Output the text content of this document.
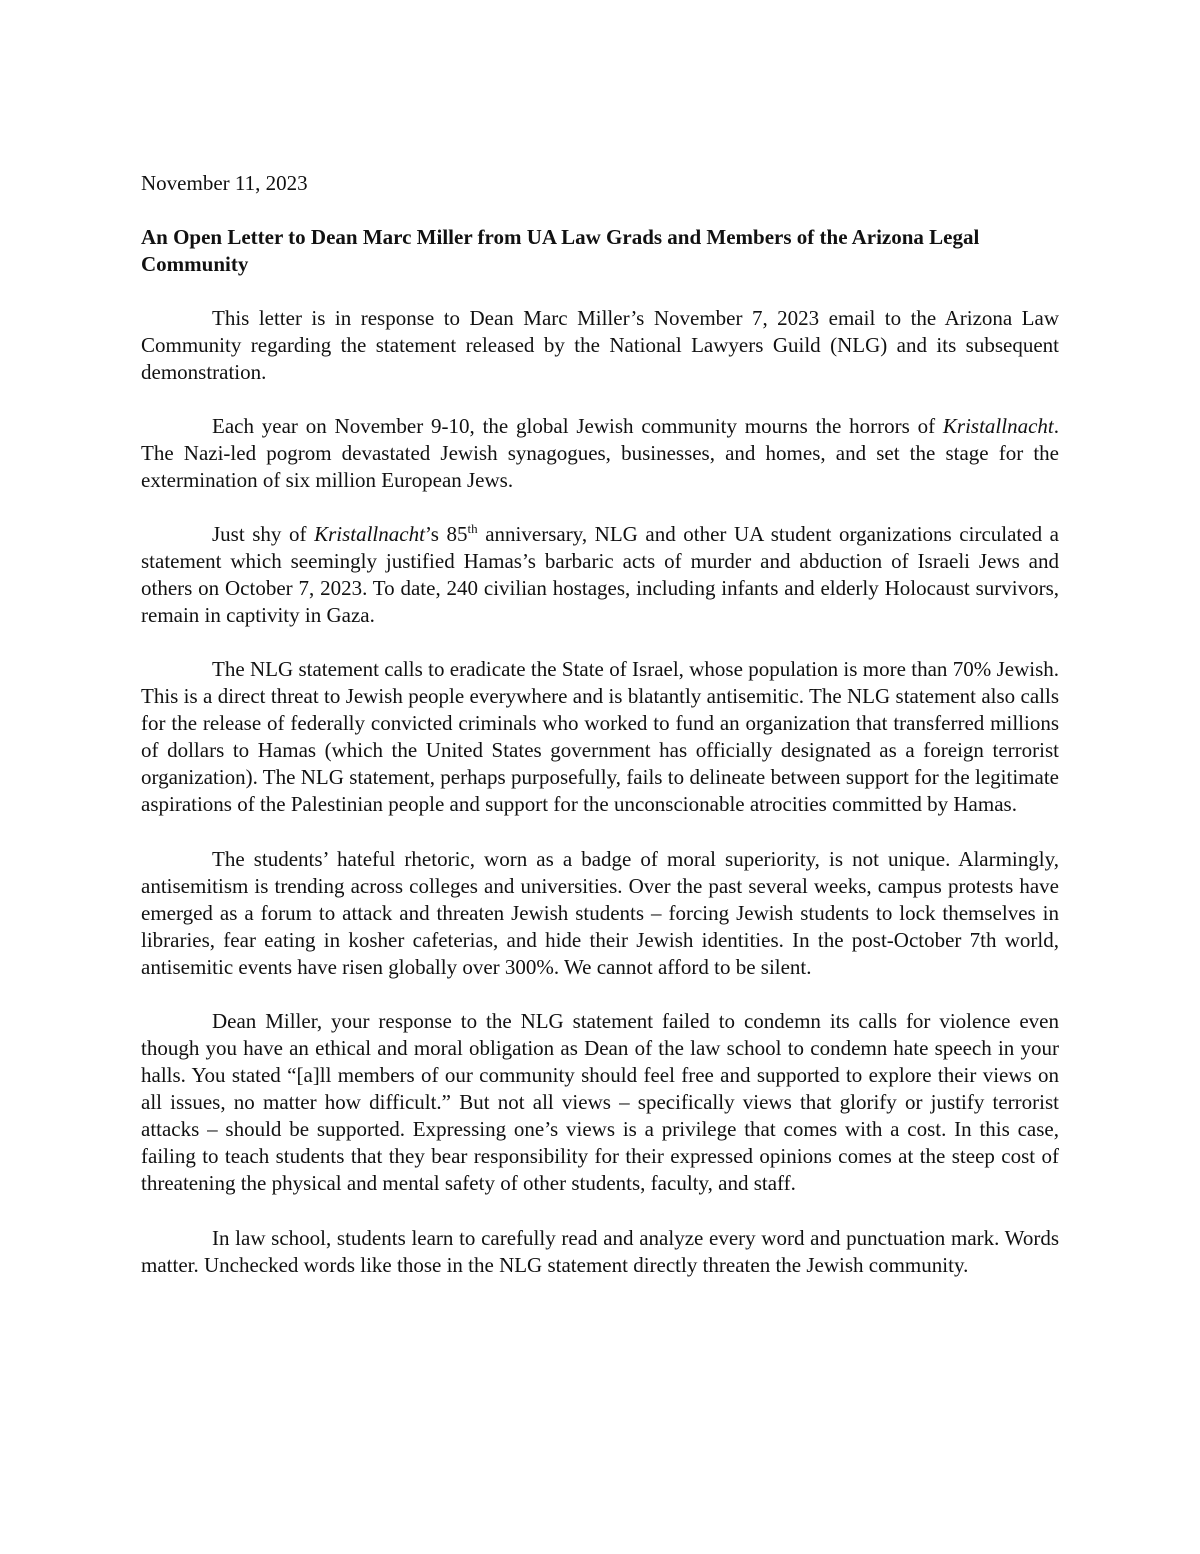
November 11, 2023

An Open Letter to Dean Marc Miller from UA Law Grads and Members of the Arizona Legal Community

This letter is in response to Dean Marc Miller’s November 7, 2023 email to the Arizona Law Community regarding the statement released by the National Lawyers Guild (NLG) and its subsequent demonstration.

Each year on November 9-10, the global Jewish community mourns the horrors of Kristallnacht. The Nazi-led pogrom devastated Jewish synagogues, businesses, and homes, and set the stage for the extermination of six million European Jews.

Just shy of Kristallnacht’s 85th anniversary, NLG and other UA student organizations circulated a statement which seemingly justified Hamas’s barbaric acts of murder and abduction of Israeli Jews and others on October 7, 2023. To date, 240 civilian hostages, including infants and elderly Holocaust survivors, remain in captivity in Gaza.

The NLG statement calls to eradicate the State of Israel, whose population is more than 70% Jewish. This is a direct threat to Jewish people everywhere and is blatantly antisemitic. The NLG statement also calls for the release of federally convicted criminals who worked to fund an organization that transferred millions of dollars to Hamas (which the United States government has officially designated as a foreign terrorist organization). The NLG statement, perhaps purposefully, fails to delineate between support for the legitimate aspirations of the Palestinian people and support for the unconscionable atrocities committed by Hamas.

The students’ hateful rhetoric, worn as a badge of moral superiority, is not unique. Alarmingly, antisemitism is trending across colleges and universities. Over the past several weeks, campus protests have emerged as a forum to attack and threaten Jewish students – forcing Jewish students to lock themselves in libraries, fear eating in kosher cafeterias, and hide their Jewish identities. In the post-October 7th world, antisemitic events have risen globally over 300%. We cannot afford to be silent.

Dean Miller, your response to the NLG statement failed to condemn its calls for violence even though you have an ethical and moral obligation as Dean of the law school to condemn hate speech in your halls. You stated “[a]ll members of our community should feel free and supported to explore their views on all issues, no matter how difficult.” But not all views – specifically views that glorify or justify terrorist attacks – should be supported. Expressing one’s views is a privilege that comes with a cost. In this case, failing to teach students that they bear responsibility for their expressed opinions comes at the steep cost of threatening the physical and mental safety of other students, faculty, and staff.

In law school, students learn to carefully read and analyze every word and punctuation mark. Words matter. Unchecked words like those in the NLG statement directly threaten the Jewish community.
